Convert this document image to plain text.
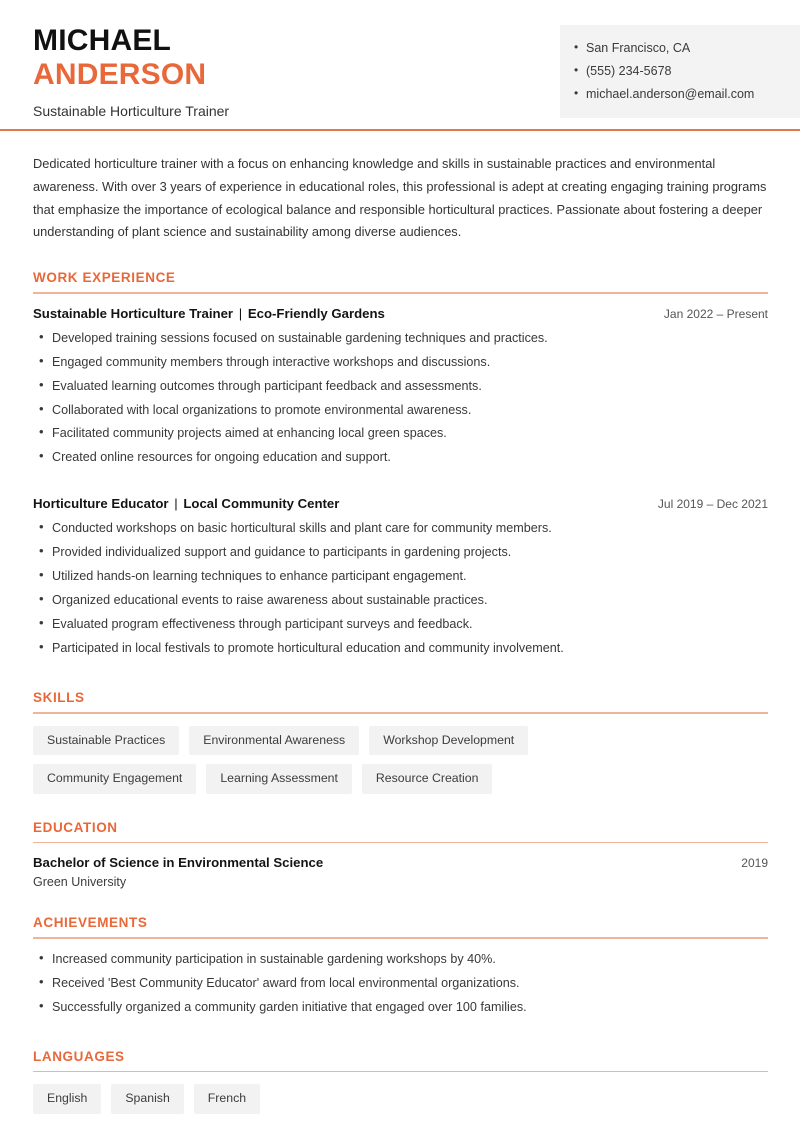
MICHAEL
ANDERSON
Sustainable Horticulture Trainer
• San Francisco, CA
• (555) 234-5678
• michael.anderson@email.com

Dedicated horticulture trainer with a focus on enhancing knowledge and skills in sustainable practices and environmental awareness. With over 3 years of experience in educational roles, this professional is adept at creating engaging training programs that emphasize the importance of ecological balance and responsible horticultural practices. Passionate about fostering a deeper understanding of plant science and sustainability among diverse audiences.

WORK EXPERIENCE
Sustainable Horticulture Trainer | Eco-Friendly Gardens	Jan 2022 – Present
• Developed training sessions focused on sustainable gardening techniques and practices.
• Engaged community members through interactive workshops and discussions.
• Evaluated learning outcomes through participant feedback and assessments.
• Collaborated with local organizations to promote environmental awareness.
• Facilitated community projects aimed at enhancing local green spaces.
• Created online resources for ongoing education and support.
Horticulture Educator | Local Community Center	Jul 2019 – Dec 2021
• Conducted workshops on basic horticultural skills and plant care for community members.
• Provided individualized support and guidance to participants in gardening projects.
• Utilized hands-on learning techniques to enhance participant engagement.
• Organized educational events to raise awareness about sustainable practices.
• Evaluated program effectiveness through participant surveys and feedback.
• Participated in local festivals to promote horticultural education and community involvement.
SKILLS
Sustainable Practices	Environmental Awareness	Workshop Development
Community Engagement	Learning Assessment	Resource Creation
EDUCATION
Bachelor of Science in Environmental Science	2019
Green University
ACHIEVEMENTS
• Increased community participation in sustainable gardening workshops by 40%.
• Received 'Best Community Educator' award from local environmental organizations.
• Successfully organized a community garden initiative that engaged over 100 families.
LANGUAGES
English	Spanish	French
